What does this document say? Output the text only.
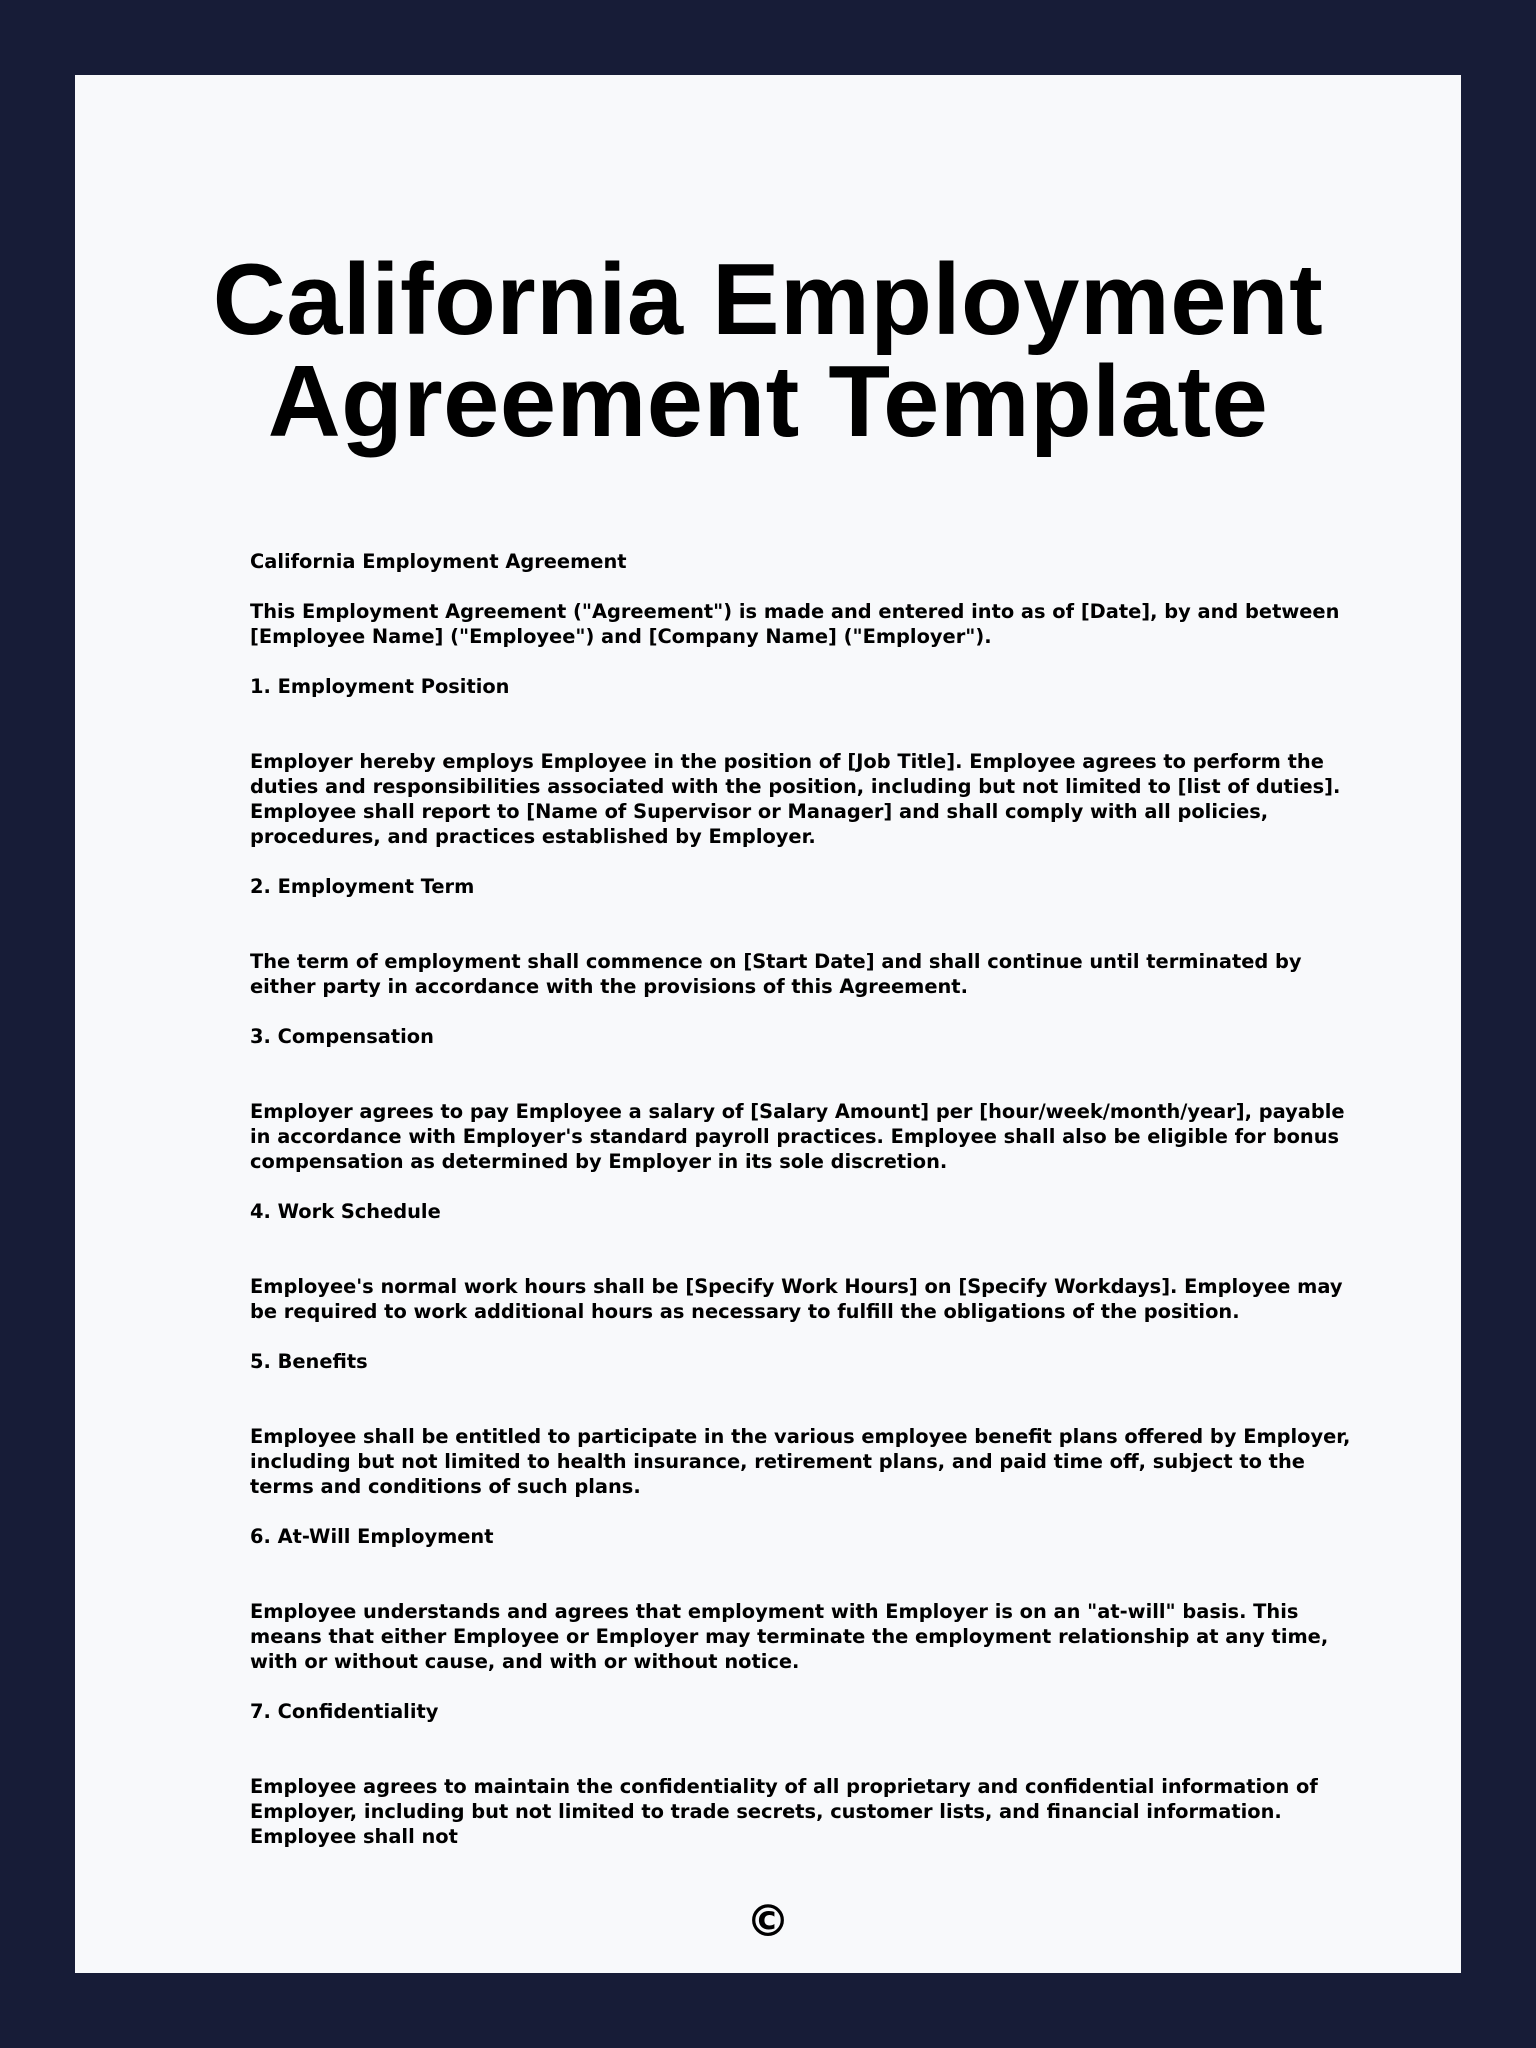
California Employment
Agreement Template

California Employment Agreement

This Employment Agreement ("Agreement") is made and entered into as of [Date], by and between [Employee Name] ("Employee") and [Company Name] ("Employer").

1. Employment Position

Employer hereby employs Employee in the position of [Job Title]. Employee agrees to perform the duties and responsibilities associated with the position, including but not limited to [list of duties]. Employee shall report to [Name of Supervisor or Manager] and shall comply with all policies, procedures, and practices established by Employer.

2. Employment Term

The term of employment shall commence on [Start Date] and shall continue until terminated by either party in accordance with the provisions of this Agreement.

3. Compensation

Employer agrees to pay Employee a salary of [Salary Amount] per [hour/week/month/year], payable in accordance with Employer's standard payroll practices. Employee shall also be eligible for bonus compensation as determined by Employer in its sole discretion.

4. Work Schedule

Employee's normal work hours shall be [Specify Work Hours] on [Specify Workdays]. Employee may be required to work additional hours as necessary to fulfill the obligations of the position.

5. Benefits

Employee shall be entitled to participate in the various employee benefit plans offered by Employer, including but not limited to health insurance, retirement plans, and paid time off, subject to the terms and conditions of such plans.

6. At-Will Employment

Employee understands and agrees that employment with Employer is on an "at-will" basis. This means that either Employee or Employer may terminate the employment relationship at any time, with or without cause, and with or without notice.

7. Confidentiality

Employee agrees to maintain the confidentiality of all proprietary and confidential information of Employer, including but not limited to trade secrets, customer lists, and financial information. Employee shall not

©
